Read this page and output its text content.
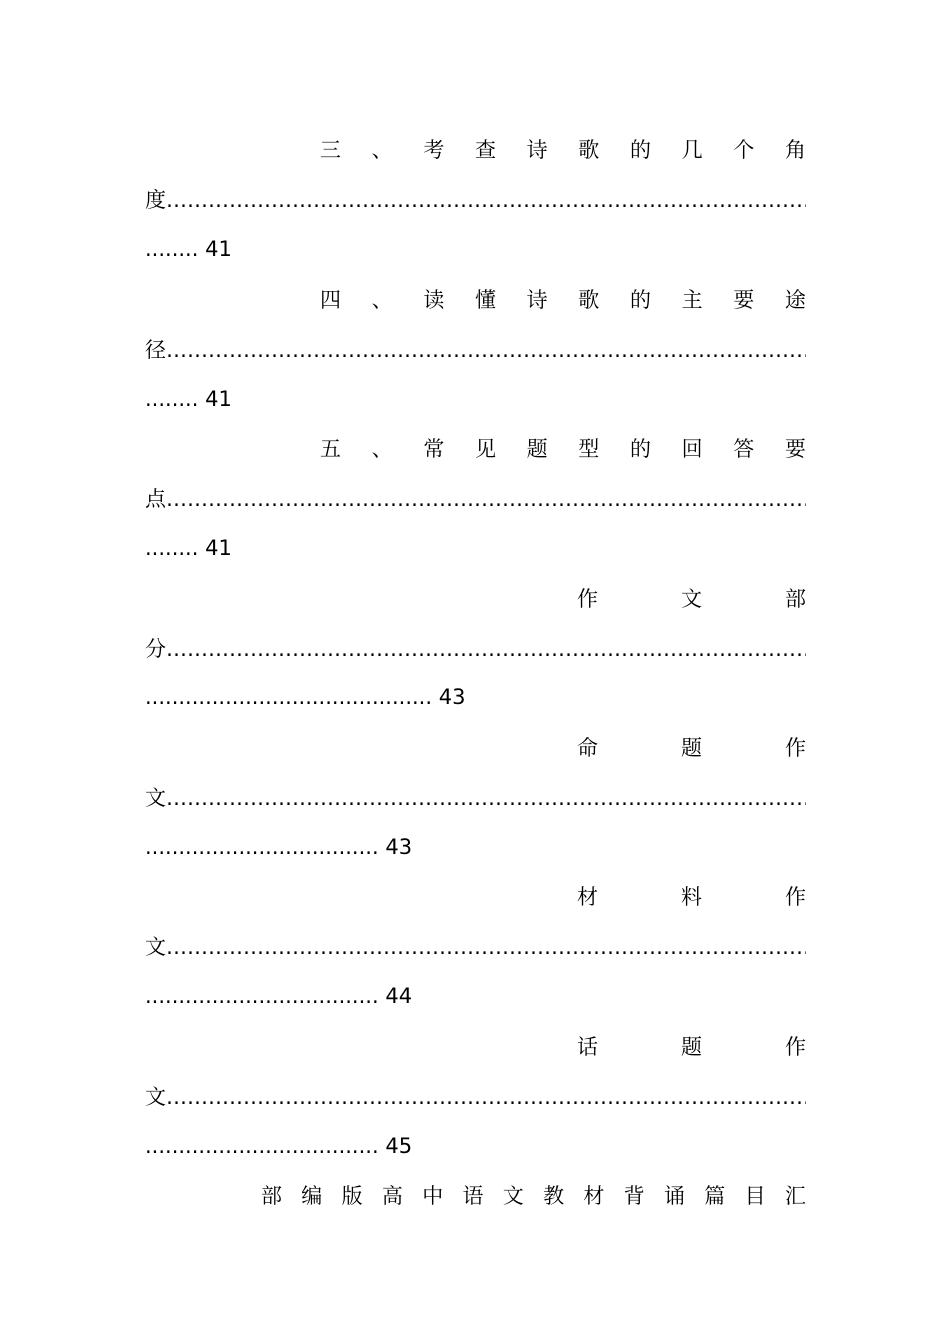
三 、 考 查 诗 歌 的 几 个 角
度
…………………………………………………………………………………………………………………………………………………………………………………………………………………………………
........ 41
四 、 读 懂 诗 歌 的 主 要 途
径
…………………………………………………………………………………………………………………………………………………………………………………………………………………………………
........ 41
五 、 常 见 题 型 的 回 答 要
点
…………………………………………………………………………………………………………………………………………………………………………………………………………………………………
........ 41
作	文	部
分
…………………………………………………………………………………………………………………………………………………………………………………………………………………………………
........................................... 43
命	题	作
文
…………………………………………………………………………………………………………………………………………………………………………………………………………………………………
................................... 43
材	料	作
文
…………………………………………………………………………………………………………………………………………………………………………………………………………………………………
................................... 44
话	题	作
文
…………………………………………………………………………………………………………………………………………………………………………………………………………………………………
................................... 45
部 编 版 高 中 语 文 教 材 背 诵 篇 目 汇
